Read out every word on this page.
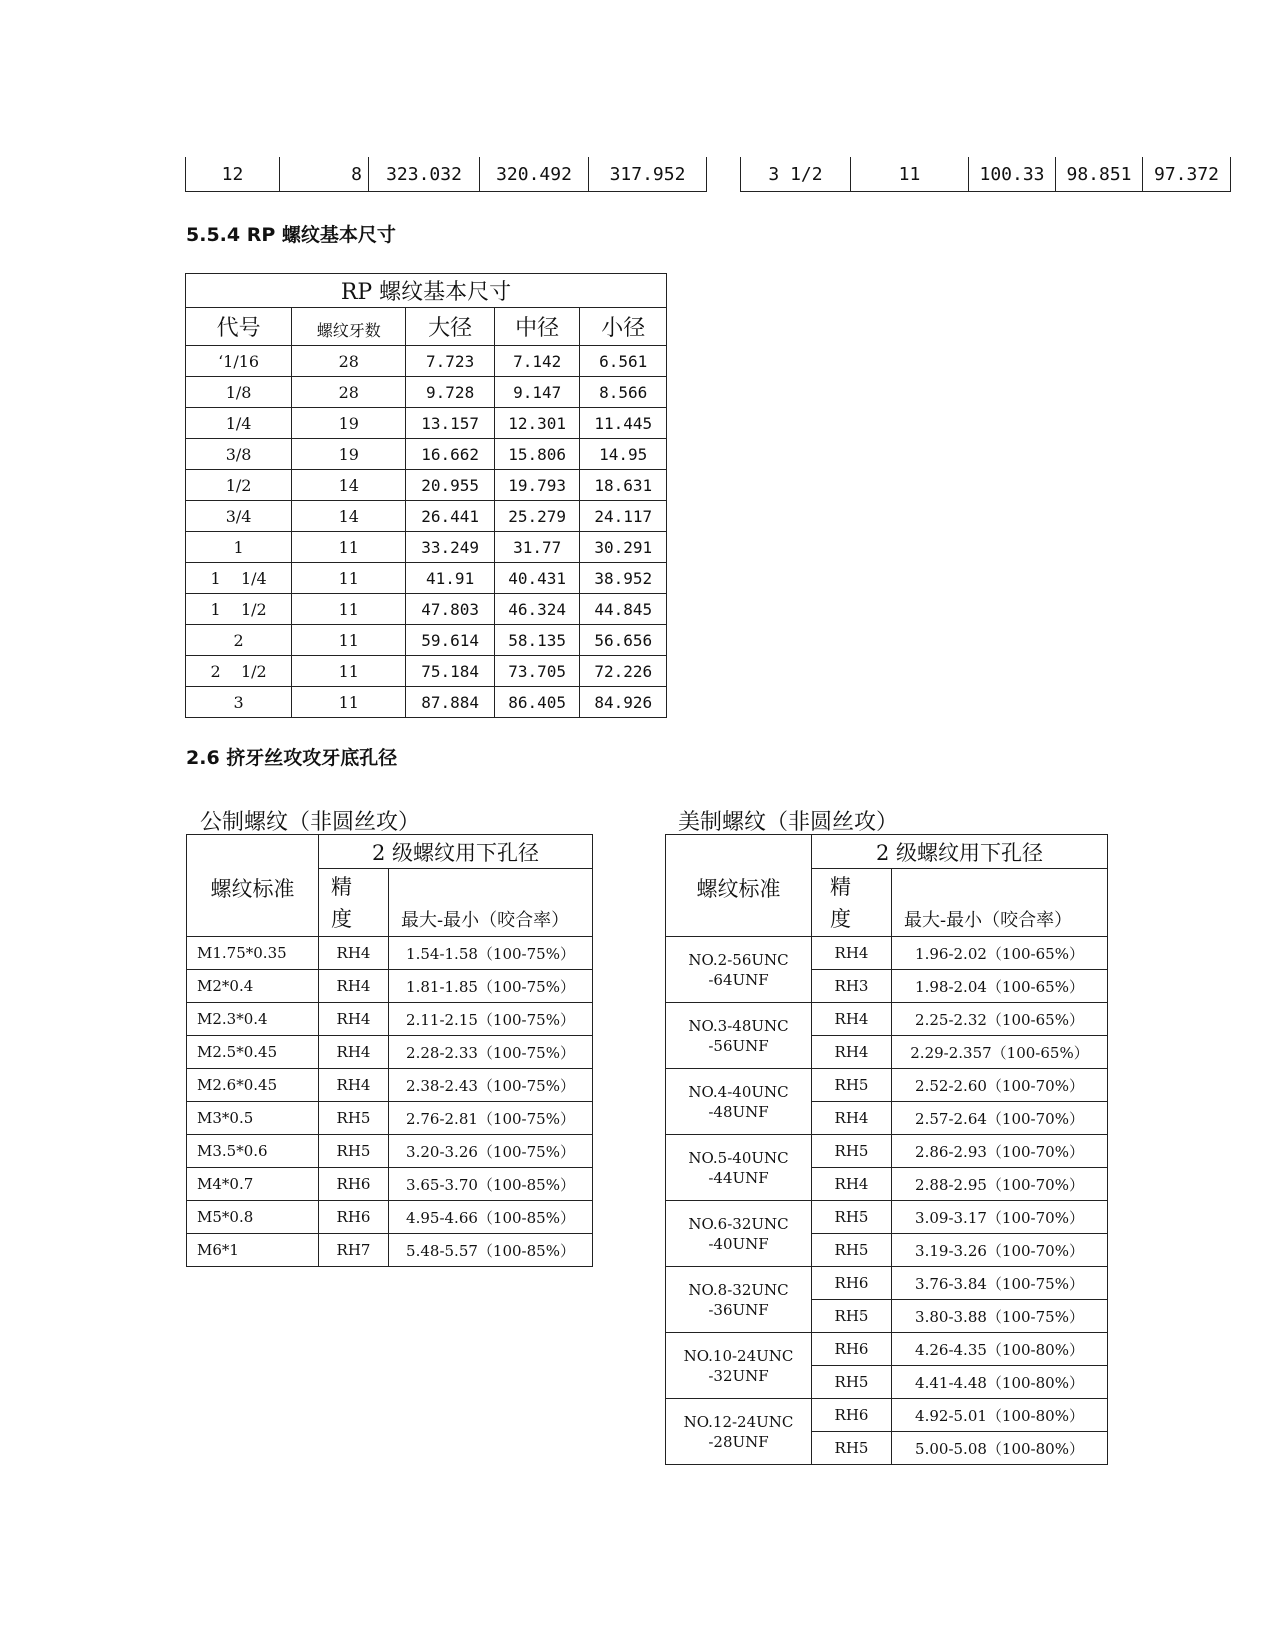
12	8	323.032	320.492	317.952	3 1/2	11	100.33	98.851	97.372
5.5.4 RP 螺纹基本尺寸
RP 螺纹基本尺寸				
代号	螺纹牙数	大径	中径	小径
‘1/16	28	7.723	7.142	6.561
1/8	28	9.728	9.147	8.566
1/4	19	13.157	12.301	11.445
3/8	19	16.662	15.806	14.95
1/2	14	20.955	19.793	18.631
3/4	14	26.441	25.279	24.117
1	11	33.249	31.77	30.291
1    1/4	11	41.91	40.431	38.952
1    1/2	11	47.803	46.324	44.845
2	11	59.614	58.135	56.656
2    1/2	11	75.184	73.705	72.226
3	11	87.884	86.405	84.926
2.6 挤牙丝攻攻牙底孔径
公制螺纹（非圆丝攻）	美制螺纹（非圆丝攻）
螺纹标准	2 级螺纹用下孔径	
	精
度	最大-最小（咬合率）
M1.75*0.35	RH4	1.54-1.58（100-75%）
M2*0.4	RH4	1.81-1.85（100-75%）
M2.3*0.4	RH4	2.11-2.15（100-75%）
M2.5*0.45	RH4	2.28-2.33（100-75%）
M2.6*0.45	RH4	2.38-2.43（100-75%）
M3*0.5	RH5	2.76-2.81（100-75%）
M3.5*0.6	RH5	3.20-3.26（100-75%）
M4*0.7	RH6	3.65-3.70（100-85%）
M5*0.8	RH6	4.95-4.66（100-85%）
M6*1	RH7	5.48-5.57（100-85%）
螺纹标准	2 级螺纹用下孔径	
	精
度	最大-最小（咬合率）
NO.2-56UNC
-64UNF	RH4	1.96-2.02（100-65%）
	RH3	1.98-2.04（100-65%）
NO.3-48UNC
-56UNF	RH4	2.25-2.32（100-65%）
	RH4	2.29-2.357（100-65%）
NO.4-40UNC
-48UNF	RH5	2.52-2.60（100-70%）
	RH4	2.57-2.64（100-70%）
NO.5-40UNC
-44UNF	RH5	2.86-2.93（100-70%）
	RH4	2.88-2.95（100-70%）
NO.6-32UNC
-40UNF	RH5	3.09-3.17（100-70%）
	RH5	3.19-3.26（100-70%）
NO.8-32UNC
-36UNF	RH6	3.76-3.84（100-75%）
	RH5	3.80-3.88（100-75%）
NO.10-24UNC
-32UNF	RH6	4.26-4.35（100-80%）
	RH5	4.41-4.48（100-80%）
NO.12-24UNC
-28UNF	RH6	4.92-5.01（100-80%）
	RH5	5.00-5.08（100-80%）
